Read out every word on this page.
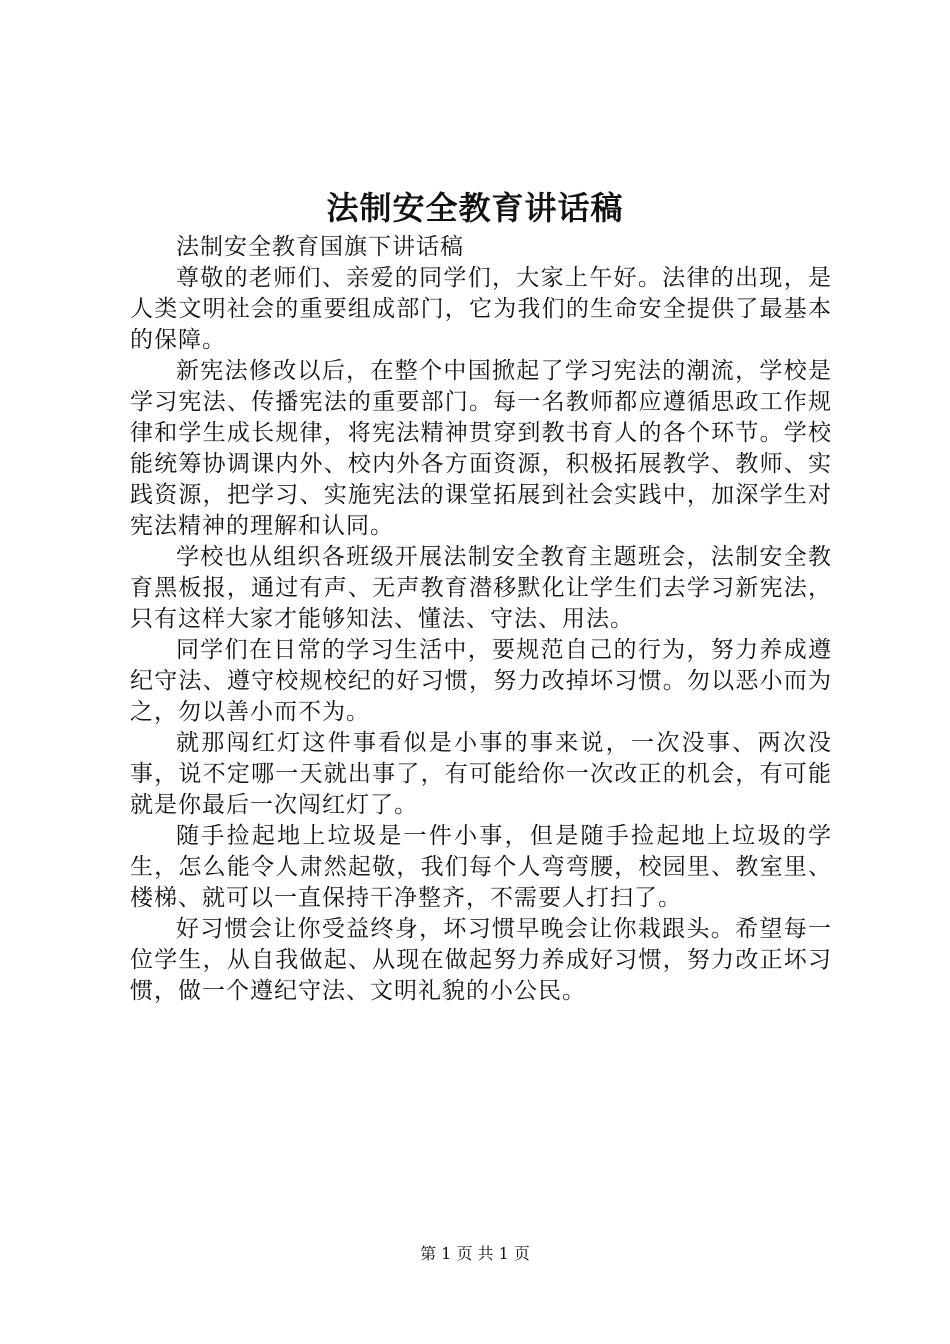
法制安全教育讲话稿

法制安全教育国旗下讲话稿

尊敬的老师们、亲爱的同学们，大家上午好。法律的出现，是人类文明社会的重要组成部门，它为我们的生命安全提供了最基本的保障。

新宪法修改以后，在整个中国掀起了学习宪法的潮流，学校是学习宪法、传播宪法的重要部门。每一名教师都应遵循思政工作规律和学生成长规律，将宪法精神贯穿到教书育人的各个环节。学校能统筹协调课内外、校内外各方面资源，积极拓展教学、教师、实践资源，把学习、实施宪法的课堂拓展到社会实践中，加深学生对宪法精神的理解和认同。

学校也从组织各班级开展法制安全教育主题班会，法制安全教育黑板报，通过有声、无声教育潜移默化让学生们去学习新宪法，只有这样大家才能够知法、懂法、守法、用法。

同学们在日常的学习生活中，要规范自己的行为，努力养成遵纪守法、遵守校规校纪的好习惯，努力改掉坏习惯。勿以恶小而为之，勿以善小而不为。

就那闯红灯这件事看似是小事的事来说，一次没事、两次没事，说不定哪一天就出事了，有可能给你一次改正的机会，有可能就是你最后一次闯红灯了。

随手捡起地上垃圾是一件小事，但是随手捡起地上垃圾的学生，怎么能令人肃然起敬，我们每个人弯弯腰，校园里、教室里、楼梯、就可以一直保持干净整齐，不需要人打扫了。

好习惯会让你受益终身，坏习惯早晚会让你栽跟头。希望每一位学生，从自我做起、从现在做起努力养成好习惯，努力改正坏习惯，做一个遵纪守法、文明礼貌的小公民。

第 1 页 共 1 页
